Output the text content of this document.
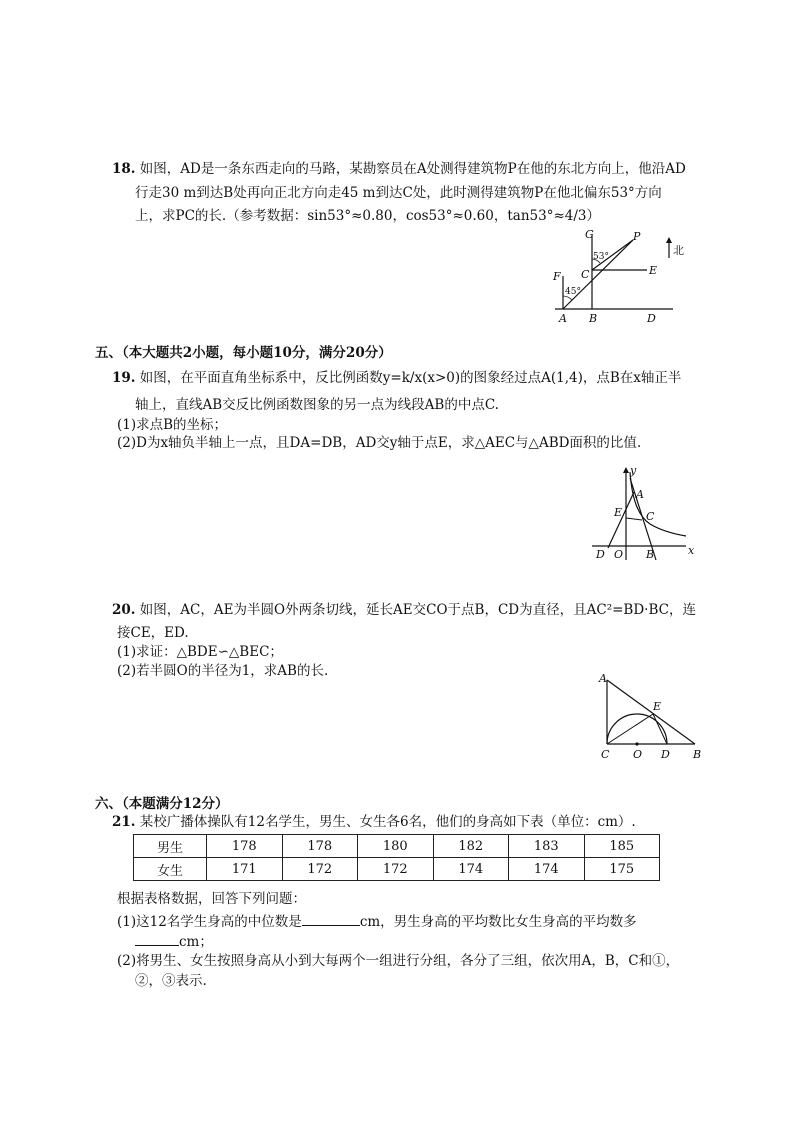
18. 如图，AD是一条东西走向的马路，某勘察员在A处测得建筑物P在他的东北方向上，他沿AD
行走30 m到达B处再向正北方向走45 m到达C处，此时测得建筑物P在他北偏东53°方向
上，求PC的长.（参考数据：sin53°≈0.80，cos53°≈0.60，tan53°≈4/3）
北
G	P
F C	E
A B	D
53°
45°
五、（本大题共2小题，每小题10分，满分20分）
19. 如图，在平面直角坐标系中，反比例函数y=k/x(x>0)的图象经过点A(1,4)，点B在x轴正半
轴上，直线AB交反比例函数图象的另一点为线段AB的中点C.
(1)求点B的坐标；
(2)D为x轴负半轴上一点，且DA=DB，AD交y轴于点E，求△AEC与△ABD面积的比值.
y
A
E C
D O B	x
20. 如图，AC，AE为半圆O外两条切线，延长AE交CO于点B，CD为直径，且AC²=BD·BC，连
接CE，ED.
(1)求证：△BDE∽△BEC；
(2)若半圆O的半径为1，求AB的长.	A
E
C O D B
六、（本题满分12分）
21. 某校广播体操队有12名学生，男生、女生各6名，他们的身高如下表（单位：cm）.
男生	178	178	180	182	183	185
女生	171	172	172	174	174	175
根据表格数据，回答下列问题：
(1)这12名学生身高的中位数是	cm，男生身高的平均数比女生身高的平均数多
cm；
(2)将男生、女生按照身高从小到大每两个一组进行分组，各分了三组，依次用A，B，C和①，
②，③表示.
